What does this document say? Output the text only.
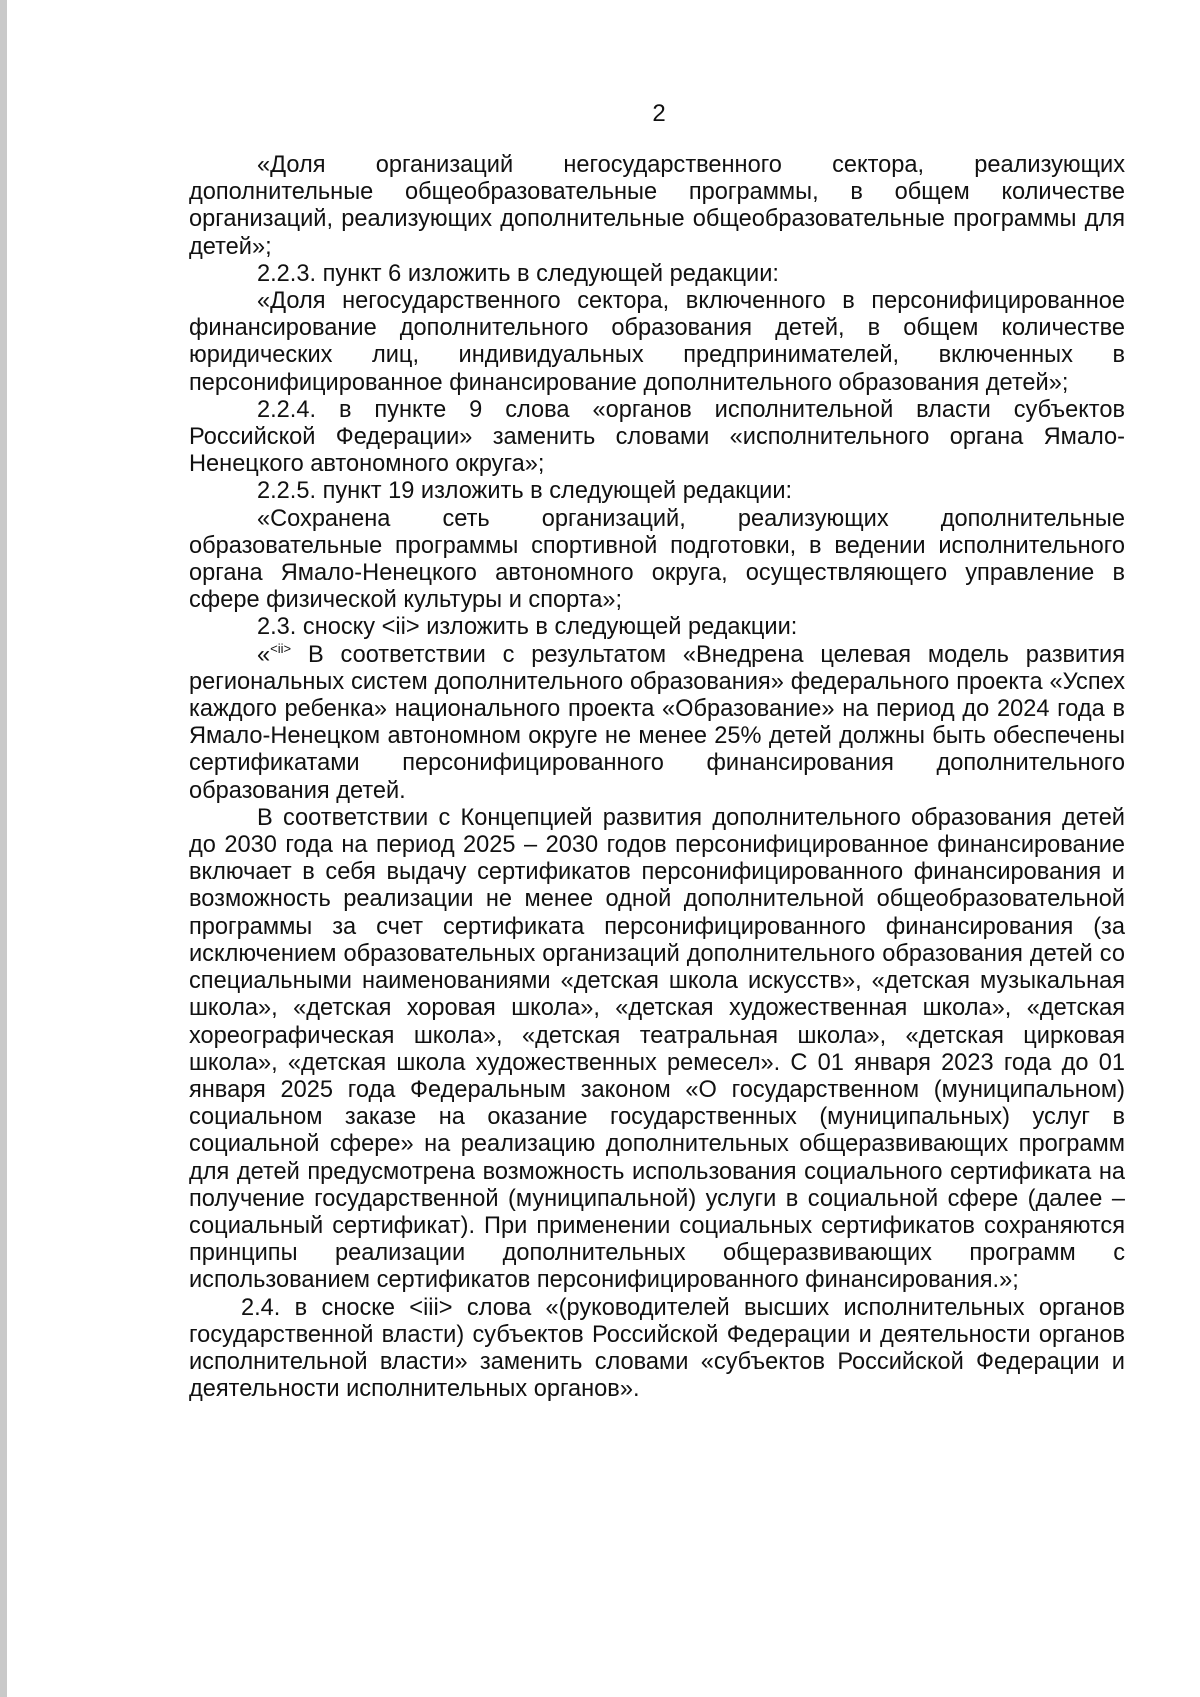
2

«Доля организаций негосударственного сектора, реализующих дополнительные общеобразовательные программы, в общем количестве организаций, реализующих дополнительные общеобразовательные программы для детей»;

2.2.3. пункт 6 изложить в следующей редакции:

«Доля негосударственного сектора, включенного в персонифицированное финансирование дополнительного образования детей, в общем количестве юридических лиц, индивидуальных предпринимателей, включенных в персонифицированное финансирование дополнительного образования детей»;

2.2.4. в пункте 9 слова «органов исполнительной власти субъектов Российской Федерации» заменить словами «исполнительного органа Ямало-Ненецкого автономного округа»;

2.2.5. пункт 19 изложить в следующей редакции:

«Сохранена сеть организаций, реализующих дополнительные образовательные программы спортивной подготовки, в ведении исполнительного органа Ямало-Ненецкого автономного округа, осуществляющего управление в сфере физической культуры и спорта»;

2.3. сноску <ii> изложить в следующей редакции:

«$^{<ii>}$ В соответствии с результатом «Внедрена целевая модель развития региональных систем дополнительного образования» федерального проекта «Успех каждого ребенка» национального проекта «Образование» на период до 2024 года в Ямало-Ненецком автономном округе не менее 25% детей должны быть обеспечены сертификатами персонифицированного финансирования дополнительного образования детей.

В соответствии с Концепцией развития дополнительного образования детей до 2030 года на период 2025 – 2030 годов персонифицированное финансирование включает в себя выдачу сертификатов персонифицированного финансирования и возможность реализации не менее одной дополнительной общеобразовательной программы за счет сертификата персонифицированного финансирования (за исключением образовательных организаций дополнительного образования детей со специальными наименованиями «детская школа искусств», «детская музыкальная школа», «детская хоровая школа», «детская художественная школа», «детская хореографическая школа», «детская театральная школа», «детская цирковая школа», «детская школа художественных ремесел». С 01 января 2023 года до 01 января 2025 года Федеральным законом «О государственном (муниципальном) социальном заказе на оказание государственных (муниципальных) услуг в социальной сфере» на реализацию дополнительных общеразвивающих программ для детей предусмотрена возможность использования социального сертификата на получение государственной (муниципальной) услуги в социальной сфере (далее – социальный сертификат). При применении социальных сертификатов сохраняются принципы реализации дополнительных общеразвивающих программ с использованием сертификатов персонифицированного финансирования.»;

2.4. в сноске <iii> слова «(руководителей высших исполнительных органов государственной власти) субъектов Российской Федерации и деятельности органов исполнительной власти» заменить словами «субъектов Российской Федерации и деятельности исполнительных органов».
